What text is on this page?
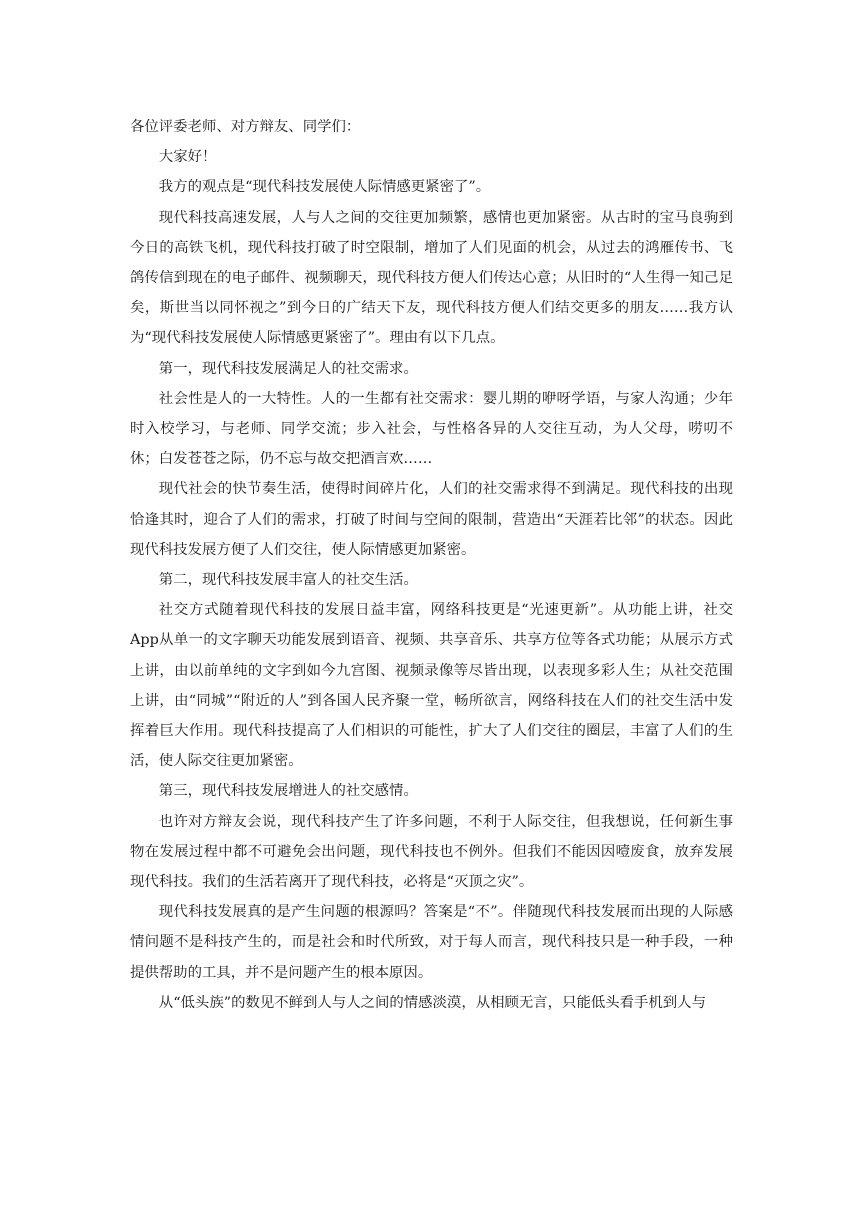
各位评委老师、对方辩友、同学们：

大家好！

我方的观点是“现代科技发展使人际情感更紧密了”。

现代科技高速发展，人与人之间的交往更加频繁，感情也更加紧密。从古时的宝马良驹到今日的高铁飞机，现代科技打破了时空限制，增加了人们见面的机会，从过去的鸿雁传书、飞鸽传信到现在的电子邮件、视频聊天，现代科技方便人们传达心意；从旧时的“人生得一知己足矣，斯世当以同怀视之”到今日的广结天下友，现代科技方便人们结交更多的朋友……我方认为“现代科技发展使人际情感更紧密了”。理由有以下几点。

第一，现代科技发展满足人的社交需求。

社会性是人的一大特性。人的一生都有社交需求：婴儿期的咿呀学语，与家人沟通；少年时入校学习，与老师、同学交流；步入社会，与性格各异的人交往互动，为人父母，唠叨不休；白发苍苍之际，仍不忘与故交把酒言欢……

现代社会的快节奏生活，使得时间碎片化，人们的社交需求得不到满足。现代科技的出现恰逢其时，迎合了人们的需求，打破了时间与空间的限制，营造出“天涯若比邻”的状态。因此现代科技发展方便了人们交往，使人际情感更加紧密。

第二，现代科技发展丰富人的社交生活。

社交方式随着现代科技的发展日益丰富，网络科技更是“光速更新”。从功能上讲，社交App从单一的文字聊天功能发展到语音、视频、共享音乐、共享方位等各式功能；从展示方式上讲，由以前单纯的文字到如今九宫图、视频录像等尽皆出现，以表现多彩人生；从社交范围上讲，由“同城”“附近的人”到各国人民齐聚一堂，畅所欲言，网络科技在人们的社交生活中发挥着巨大作用。现代科技提高了人们相识的可能性，扩大了人们交往的圈层，丰富了人们的生活，使人际交往更加紧密。

第三，现代科技发展增进人的社交感情。

也许对方辩友会说，现代科技产生了许多问题，不利于人际交往，但我想说，任何新生事物在发展过程中都不可避免会出问题，现代科技也不例外。但我们不能因因噎废食，放弃发展现代科技。我们的生活若离开了现代科技，必将是“灭顶之灾”。

现代科技发展真的是产生问题的根源吗？答案是“不”。伴随现代科技发展而出现的人际感情问题不是科技产生的，而是社会和时代所致，对于每人而言，现代科技只是一种手段，一种提供帮助的工具，并不是问题产生的根本原因。

从“低头族”的数见不鲜到人与人之间的情感淡漠，从相顾无言，只能低头看手机到人与
